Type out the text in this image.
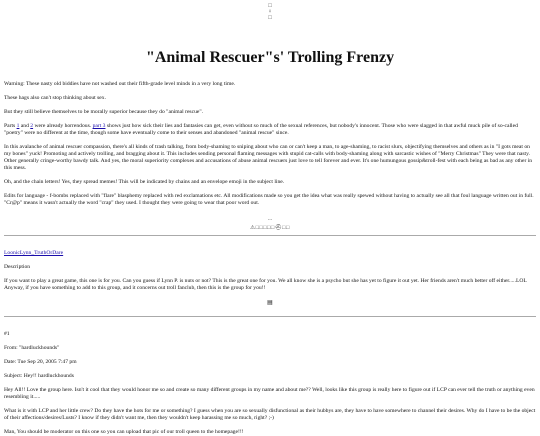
□
♀
□
"Animal Rescuer"s' Trolling Frenzy

Warning: These nasty old biddies have not washed out their fifth-grade level minds in a very long time.

These hags also can't stop thinking about sex.

But they still believe themselves to be morally superior because they do "animal rescue".

Parts 1 and 2 were already horrendous. part 3 shows just how sick their lies and fantasies can get, even without so much of the sexual references, but nobody's innocent. Those who were slagged in that awful muck pile of so-called "poetry" were no different at the time, though some have eventually come to their senses and abandoned "animal rescue" since.

In this avalanche of animal rescuer compassion, there's all kinds of trash talking, from body-shaming to sniping about who can or can't keep a man, to age-shaming, to racist slurs, objectifying themselves and others as in "I gots meat on my bones" yuck! Promoting and actively trolling, and bragging about it. This includes sending personal flaming messages with stupid cat-calls with body-shaming along with sarcastic wishes of "Merry Christmas" They were that nasty. Other generally cringe-worthy bawdy talk. And yes, the moral superiority complexes and accusations of abuse animal rescuers just love to tell forever and ever. It's one humungous gossip&troll-fest with each being as bad as any other in this mess.

Oh, and the chain letters! Yes, they spread memes! This will be indicated by chains and an envelope emoji in the subject line.

Edits for language - f-bombs replaced with "flare" blasphemy replaced with red exclamations etc. All modifications made so you get the idea what was really spewed without having to actually see all that foul language written out in full. "Cr@p" means it wasn't actually the word "crap" they used. I thought they were going to wear that poor word out.

...
⚠□□□□□⛑□□

LoonicLynn_TruthOrDare

Description

If you want to play a great game, this one is for you. Can you guess if Lynn P. is nuts or not? This is the great one for you. We all know she is a psycho but she has yet to figure it out yet. Her friends aren't much better off either.....LOL Anyway, if you have something to add to this group, and it concerns out troll fanclub, then this is the group for you!!

▤

#1

From: "hardluckhounds"

Date: Tue Sep 20, 2005 7:47 pm

Subject: Hey!! hardluckhounds

Hey All!! Love the group here. Isn't it cool that they would honor me so and create so many different groups in my name and about me?? Well, looks like this group is really here to figure out if LCP can ever tell the truth or anything even resembling it.....

What is it with LCP and her little crew? Do they have the hots for me or something? I guess when you are so sexually disfunctional as their hubbys are, they have to have somewhere to channel their desires. Why do I have to be the object of their affections/desires/Lusts? I know if they didn't want me, then they wouldn't keep harassing me so much, right? ;-)

Man, You should be moderator on this one so you can upload that pic of our troll queen to the homepage!!!
